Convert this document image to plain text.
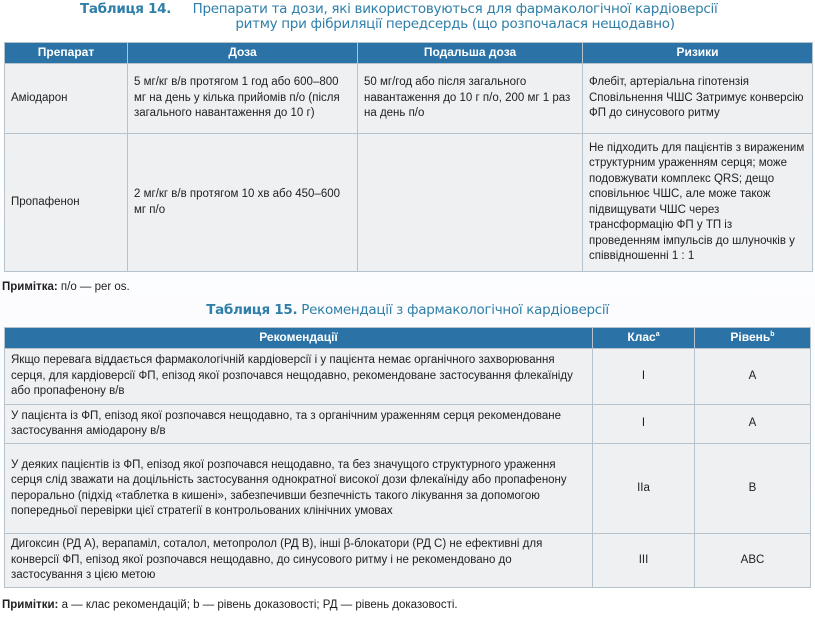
Таблиця 14. Препарати та дози, які використовуються для фармакологічної кардіоверсії ритму при фібриляції передсердь (що розпочалася нещодавно)
Препарат	Доза	Подальша доза	Ризики
Аміодарон	5 мг/кг в/в протягом 1 год або 600–800 мг на день у кількa прийомів п/о (після загального навантаження до 10 г)	50 мг/год або після загального навантаження до 10 г п/о, 200 мг 1 раз на день п/о	Флебіт, артеріальна гіпотензія Сповільнення ЧШС Затримує конверсію ФП до синусового ритму
Пропафенон	2 мг/кг в/в протягом 10 хв або 450–600 мг п/о		Не підходить для пацієнтів з вираженим структурним ураженням серця; може подовжувати комплекс QRS; дещо сповільнює ЧШС, але може також підвищувати ЧШС через трансформацію ФП у ТП із проведенням імпульсів до шлуночків у співвідношенні 1 : 1
Примітка: п/о — per os.
Таблиця 15. Рекомендації з фармакологічної кардіоверсії
Рекомендації	Клас$^a$	Рівень$^b$
Якщо перевага віддається фармакологічній кардіоверсії і у пацієнта немає органічного захворювання серця, для кардіоверсії ФП, епізод якої розпочався нещодавно, рекомендоване застосування флекаїніду або пропафенону в/в	I	A
У пацієнта із ФП, епізод якої розпочався нещодавно, та з органічним ураженням серця рекомендоване застосування аміодарону в/в	I	A
У деяких пацієнтів із ФП, епізод якої розпочався нещодавно, та без значущого структурного ураження серця слід зважати на доцільність застосування однократної високої дози флекаїніду або пропафенону перорально (підхід «таблетка в кишені», забезпечивши безпечність такого лікування за допомогою попередньої перевірки цієї стратегії в контрольованих клінічних умовах	IIa	B
Дигоксин (РД A), верапаміл, соталол, метопролол (РД B), інші β-блокатори (РД C) не ефективні для конверсії ФП, епізод якої розпочався нещодавно, до синусового ритму і не рекомендовано до застосування з цією метою	III	ABC
Примітки: a — клас рекомендацій; b — рівень доказовості; РД — рівень доказовості.
